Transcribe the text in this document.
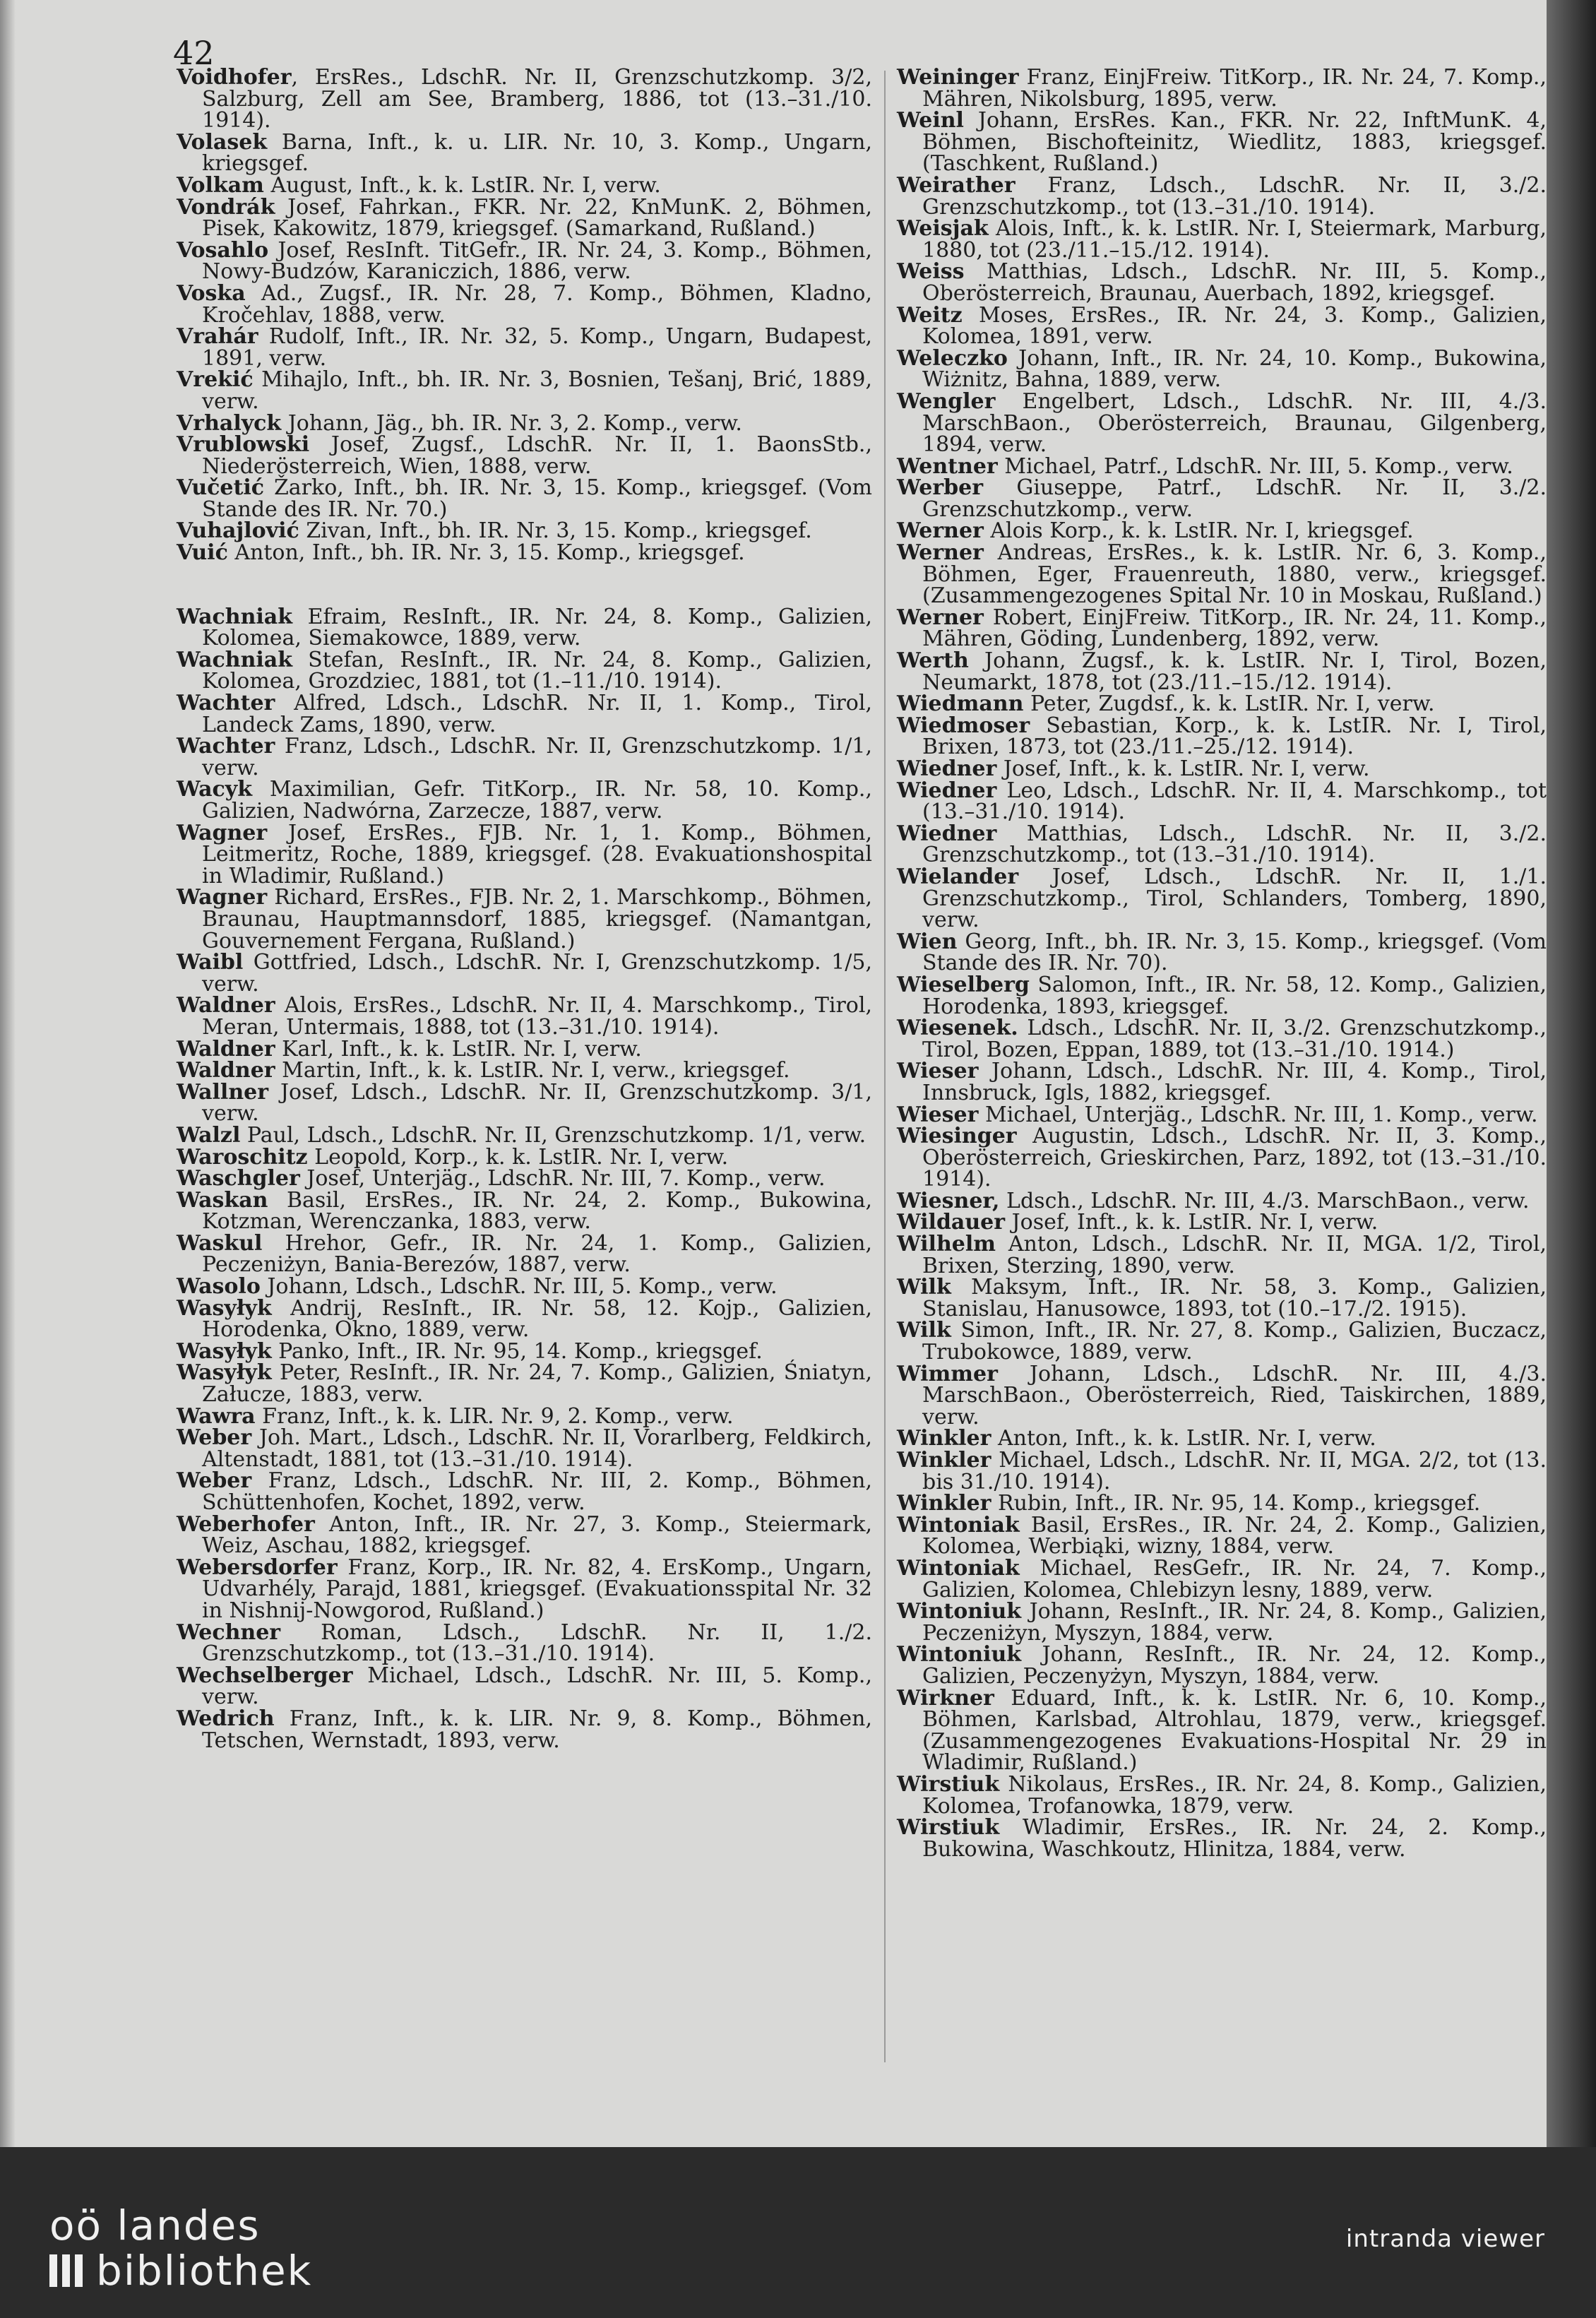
42
Voidhofer, ErsRes., LdschR. Nr. II, Grenzschutzkomp. 3/2, Salzburg, Zell am See, Bramberg, 1886, tot (13.–31./10. 1914).
Volasek Barna, Inft., k. u. LIR. Nr. 10, 3. Komp., Ungarn, kriegsgef.
Volkam August, Inft., k. k. LstIR. Nr. I, verw.
Vondrák Josef, Fahrkan., FKR. Nr. 22, KnMunK. 2, Böhmen, Pisek, Kakowitz, 1879, kriegsgef. (Samarkand, Rußland.)
Vosahlo Josef, ResInft. TitGefr., IR. Nr. 24, 3. Komp., Böhmen, Nowy-Budzów, Karaniczich, 1886, verw.
Voska Ad., Zugsf., IR. Nr. 28, 7. Komp., Böhmen, Kladno, Kročehlav, 1888, verw.
Vrahár Rudolf, Inft., IR. Nr. 32, 5. Komp., Ungarn, Budapest, 1891, verw.
Vrekić Mihajlo, Inft., bh. IR. Nr. 3, Bosnien, Tešanj, Brić, 1889, verw.
Vrhalyck Johann, Jäg., bh. IR. Nr. 3, 2. Komp., verw.
Vrublowski Josef, Zugsf., LdschR. Nr. II, 1. BaonsStb., Niederösterreich, Wien, 1888, verw.
Vučetić Žarko, Inft., bh. IR. Nr. 3, 15. Komp., kriegsgef. (Vom Stande des IR. Nr. 70.)
Vuhajlović Zivan, Inft., bh. IR. Nr. 3, 15. Komp., kriegsgef.
Vuić Anton, Inft., bh. IR. Nr. 3, 15. Komp., kriegsgef.
Wachniak Efraim, ResInft., IR. Nr. 24, 8. Komp., Galizien, Kolomea, Siemakowce, 1889, verw.
Wachniak Stefan, ResInft., IR. Nr. 24, 8. Komp., Galizien, Kolomea, Grozdziec, 1881, tot (1.–11./10. 1914).
Wachter Alfred, Ldsch., LdschR. Nr. II, 1. Komp., Tirol, Landeck Zams, 1890, verw.
Wachter Franz, Ldsch., LdschR. Nr. II, Grenzschutzkomp. 1/1, verw.
Wacyk Maximilian, Gefr. TitKorp., IR. Nr. 58, 10. Komp., Galizien, Nadwórna, Zarzecze, 1887, verw.
Wagner Josef, ErsRes., FJB. Nr. 1, 1. Komp., Böhmen, Leitmeritz, Roche, 1889, kriegsgef. (28. Evakuationshospital in Wladimir, Rußland.)
Wagner Richard, ErsRes., FJB. Nr. 2, 1. Marschkomp., Böhmen, Braunau, Hauptmannsdorf, 1885, kriegsgef. (Namantgan, Gouvernement Fergana, Rußland.)
Waibl Gottfried, Ldsch., LdschR. Nr. I, Grenzschutzkomp. 1/5, verw.
Waldner Alois, ErsRes., LdschR. Nr. II, 4. Marschkomp., Tirol, Meran, Untermais, 1888, tot (13.–31./10. 1914).
Waldner Karl, Inft., k. k. LstIR. Nr. I, verw.
Waldner Martin, Inft., k. k. LstIR. Nr. I, verw., kriegsgef.
Wallner Josef, Ldsch., LdschR. Nr. II, Grenzschutzkomp. 3/1, verw.
Walzl Paul, Ldsch., LdschR. Nr. II, Grenzschutzkomp. 1/1, verw.
Waroschitz Leopold, Korp., k. k. LstIR. Nr. I, verw.
Waschgler Josef, Unterjäg., LdschR. Nr. III, 7. Komp., verw.
Waskan Basil, ErsRes., IR. Nr. 24, 2. Komp., Bukowina, Kotzman, Werenczanka, 1883, verw.
Waskul Hrehor, Gefr., IR. Nr. 24, 1. Komp., Galizien, Peczeniżyn, Bania-Berezów, 1887, verw.
Wasolo Johann, Ldsch., LdschR. Nr. III, 5. Komp., verw.
Wasyłyk Andrij, ResInft., IR. Nr. 58, 12. Kojp., Galizien, Horodenka, Okno, 1889, verw.
Wasyłyk Panko, Inft., IR. Nr. 95, 14. Komp., kriegsgef.
Wasyłyk Peter, ResInft., IR. Nr. 24, 7. Komp., Galizien, Śniatyn, Załucze, 1883, verw.
Wawra Franz, Inft., k. k. LIR. Nr. 9, 2. Komp., verw.
Weber Joh. Mart., Ldsch., LdschR. Nr. II, Vorarlberg, Feldkirch, Altenstadt, 1881, tot (13.–31./10. 1914).
Weber Franz, Ldsch., LdschR. Nr. III, 2. Komp., Böhmen, Schüttenhofen, Kochet, 1892, verw.
Weberhofer Anton, Inft., IR. Nr. 27, 3. Komp., Steiermark, Weiz, Aschau, 1882, kriegsgef.
Webersdorfer Franz, Korp., IR. Nr. 82, 4. ErsKomp., Ungarn, Udvarhély, Parajd, 1881, kriegsgef. (Evakuationsspital Nr. 32 in Nishnij-Nowgorod, Rußland.)
Wechner Roman, Ldsch., LdschR. Nr. II, 1./2. Grenzschutzkomp., tot (13.–31./10. 1914).
Wechselberger Michael, Ldsch., LdschR. Nr. III, 5. Komp., verw.
Wedrich Franz, Inft., k. k. LIR. Nr. 9, 8. Komp., Böhmen, Tetschen, Wernstadt, 1893, verw.
Weininger Franz, EinjFreiw. TitKorp., IR. Nr. 24, 7. Komp., Mähren, Nikolsburg, 1895, verw.
Weinl Johann, ErsRes. Kan., FKR. Nr. 22, InftMunK. 4, Böhmen, Bischofteinitz, Wiedlitz, 1883, kriegsgef. (Taschkent, Rußland.)
Weirather Franz, Ldsch., LdschR. Nr. II, 3./2. Grenzschutzkomp., tot (13.–31./10. 1914).
Weisjak Alois, Inft., k. k. LstIR. Nr. I, Steiermark, Marburg, 1880, tot (23./11.–15./12. 1914).
Weiss Matthias, Ldsch., LdschR. Nr. III, 5. Komp., Oberösterreich, Braunau, Auerbach, 1892, kriegsgef.
Weitz Moses, ErsRes., IR. Nr. 24, 3. Komp., Galizien, Kolomea, 1891, verw.
Weleczko Johann, Inft., IR. Nr. 24, 10. Komp., Bukowina, Wiżnitz, Bahna, 1889, verw.
Wengler Engelbert, Ldsch., LdschR. Nr. III, 4./3. MarschBaon., Oberösterreich, Braunau, Gilgenberg, 1894, verw.
Wentner Michael, Patrf., LdschR. Nr. III, 5. Komp., verw.
Werber Giuseppe, Patrf., LdschR. Nr. II, 3./2. Grenzschutzkomp., verw.
Werner Alois Korp., k. k. LstIR. Nr. I, kriegsgef.
Werner Andreas, ErsRes., k. k. LstIR. Nr. 6, 3. Komp., Böhmen, Eger, Frauenreuth, 1880, verw., kriegsgef. (Zusammengezogenes Spital Nr. 10 in Moskau, Rußland.)
Werner Robert, EinjFreiw. TitKorp., IR. Nr. 24, 11. Komp., Mähren, Göding, Lundenberg, 1892, verw.
Werth Johann, Zugsf., k. k. LstIR. Nr. I, Tirol, Bozen, Neumarkt, 1878, tot (23./11.–15./12. 1914).
Wiedmann Peter, Zugdsf., k. k. LstIR. Nr. I, verw.
Wiedmoser Sebastian, Korp., k. k. LstIR. Nr. I, Tirol, Brixen, 1873, tot (23./11.–25./12. 1914).
Wiedner Josef, Inft., k. k. LstIR. Nr. I, verw.
Wiedner Leo, Ldsch., LdschR. Nr. II, 4. Marschkomp., tot (13.–31./10. 1914).
Wiedner Matthias, Ldsch., LdschR. Nr. II, 3./2. Grenzschutzkomp., tot (13.–31./10. 1914).
Wielander Josef, Ldsch., LdschR. Nr. II, 1./1. Grenzschutzkomp., Tirol, Schlanders, Tomberg, 1890, verw.
Wien Georg, Inft., bh. IR. Nr. 3, 15. Komp., kriegsgef. (Vom Stande des IR. Nr. 70).
Wieselberg Salomon, Inft., IR. Nr. 58, 12. Komp., Galizien, Horodenka, 1893, kriegsgef.
Wiesenek. Ldsch., LdschR. Nr. II, 3./2. Grenzschutzkomp., Tirol, Bozen, Eppan, 1889, tot (13.–31./10. 1914.)
Wieser Johann, Ldsch., LdschR. Nr. III, 4. Komp., Tirol, Innsbruck, Igls, 1882, kriegsgef.
Wieser Michael, Unterjäg., LdschR. Nr. III, 1. Komp., verw.
Wiesinger Augustin, Ldsch., LdschR. Nr. II, 3. Komp., Oberösterreich, Grieskirchen, Parz, 1892, tot (13.–31./10. 1914).
Wiesner, Ldsch., LdschR. Nr. III, 4./3. MarschBaon., verw.
Wildauer Josef, Inft., k. k. LstIR. Nr. I, verw.
Wilhelm Anton, Ldsch., LdschR. Nr. II, MGA. 1/2, Tirol, Brixen, Sterzing, 1890, verw.
Wilk Maksym, Inft., IR. Nr. 58, 3. Komp., Galizien, Stanislau, Hanusowce, 1893, tot (10.–17./2. 1915).
Wilk Simon, Inft., IR. Nr. 27, 8. Komp., Galizien, Buczacz, Trubokowce, 1889, verw.
Wimmer Johann, Ldsch., LdschR. Nr. III, 4./3. MarschBaon., Oberösterreich, Ried, Taiskirchen, 1889, verw.
Winkler Anton, Inft., k. k. LstIR. Nr. I, verw.
Winkler Michael, Ldsch., LdschR. Nr. II, MGA. 2/2, tot (13. bis 31./10. 1914).
Winkler Rubin, Inft., IR. Nr. 95, 14. Komp., kriegsgef.
Wintoniak Basil, ErsRes., IR. Nr. 24, 2. Komp., Galizien, Kolomea, Werbiąki, wizny, 1884, verw.
Wintoniak Michael, ResGefr., IR. Nr. 24, 7. Komp., Galizien, Kolomea, Chlebizyn lesny, 1889, verw.
Wintoniuk Johann, ResInft., IR. Nr. 24, 8. Komp., Galizien, Peczeniżyn, Myszyn, 1884, verw.
Wintoniuk Johann, ResInft., IR. Nr. 24, 12. Komp., Galizien, Peczenyżyn, Myszyn, 1884, verw.
Wirkner Eduard, Inft., k. k. LstIR. Nr. 6, 10. Komp., Böhmen, Karlsbad, Altrohlau, 1879, verw., kriegsgef. (Zusammengezogenes Evakuations-Hospital Nr. 29 in Wladimir, Rußland.)
Wirstiuk Nikolaus, ErsRes., IR. Nr. 24, 8. Komp., Galizien, Kolomea, Trofanowka, 1879, verw.
Wirstiuk Wladimir, ErsRes., IR. Nr. 24, 2. Komp., Bukowina, Waschkoutz, Hlinitza, 1884, verw.
oö landes
bibliothek
intranda viewer
